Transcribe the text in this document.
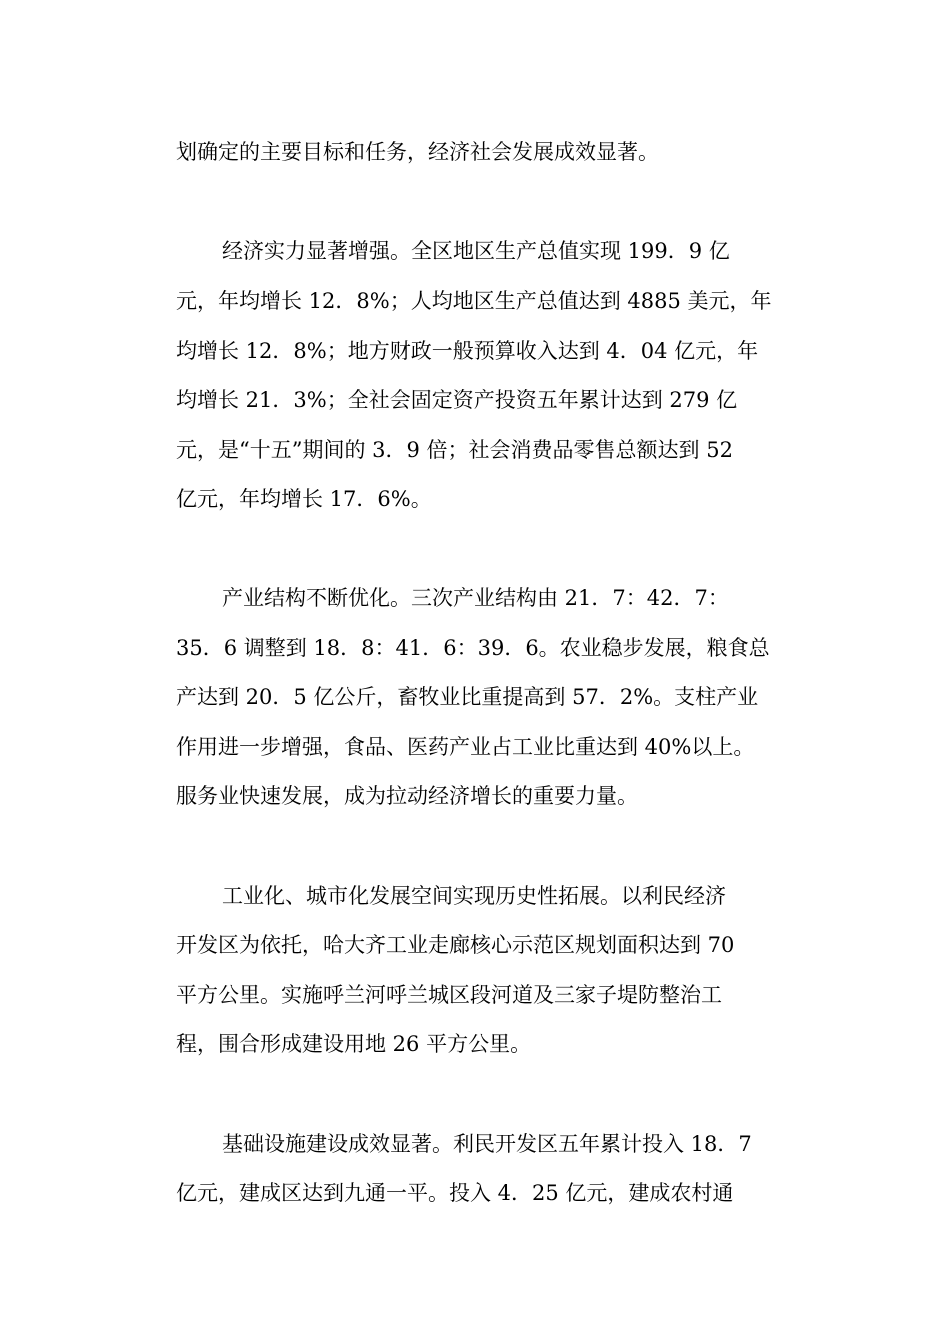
划确定的主要目标和任务，经济社会发展成效显著。
经济实力显著增强。全区地区生产总值实现 199．9 亿
元，年均增长 12．8%；人均地区生产总值达到 4885 美元，年
均增长 12．8%；地方财政一般预算收入达到 4．04 亿元，年
均增长 21．3%；全社会固定资产投资五年累计达到 279 亿
元，是“十五”期间的 3．9 倍；社会消费品零售总额达到 52
亿元，年均增长 17．6%。
产业结构不断优化。三次产业结构由 21．7：42．7：
35．6 调整到 18．8：41．6：39．6。农业稳步发展，粮食总
产达到 20．5 亿公斤，畜牧业比重提高到 57．2%。支柱产业
作用进一步增强，食品、医药产业占工业比重达到 40%以上。
服务业快速发展，成为拉动经济增长的重要力量。
工业化、城市化发展空间实现历史性拓展。以利民经济
开发区为依托，哈大齐工业走廊核心示范区规划面积达到 70
平方公里。实施呼兰河呼兰城区段河道及三家子堤防整治工
程，围合形成建设用地 26 平方公里。
基础设施建设成效显著。利民开发区五年累计投入 18．7
亿元，建成区达到九通一平。投入 4．25 亿元，建成农村通
